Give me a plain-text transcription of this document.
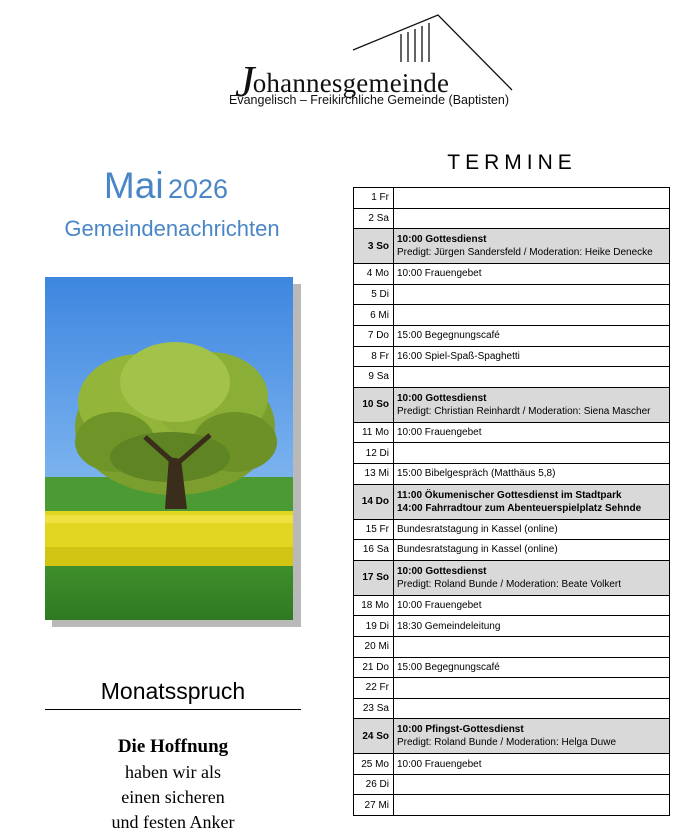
Johannesgemeinde
Evangelisch – Freikirchliche Gemeinde (Baptisten)
Mai 2026
Gemeindenachrichten
Monatsspruch
Die Hoffnung
haben wir als
einen sicheren
und festen Anker
TERMINE
1 Fr	

2 Sa	

3 So	10:00 Gottesdienst
Predigt: Jürgen Sandersfeld / Moderation: Heike Denecke

4 Mo	10:00 Frauengebet

5 Di	

6 Mi	

7 Do	15:00 Begegnungscafé

8 Fr	16:00 Spiel-Spaß-Spaghetti

9 Sa	

10 So	10:00 Gottesdienst
Predigt: Christian Reinhardt / Moderation: Siena Mascher

11 Mo	10:00 Frauengebet

12 Di	

13 Mi	15:00 Bibelgespräch (Matthäus 5,8)

14 Do	11:00 Ökumenischer Gottesdienst im Stadtpark
14:00 Fahrradtour zum Abenteuerspielplatz Sehnde

15 Fr	Bundesratstagung in Kassel (online)

16 Sa	Bundesratstagung in Kassel (online)

17 So	10:00 Gottesdienst
Predigt: Roland Bunde / Moderation: Beate Volkert

18 Mo	10:00 Frauengebet

19 Di	18:30 Gemeindeleitung

20 Mi	

21 Do	15:00 Begegnungscafé

22 Fr	

23 Sa	

24 So	10:00 Pfingst-Gottesdienst
Predigt: Roland Bunde / Moderation: Helga Duwe

25 Mo	10:00 Frauengebet

26 Di	

27 Mi	
